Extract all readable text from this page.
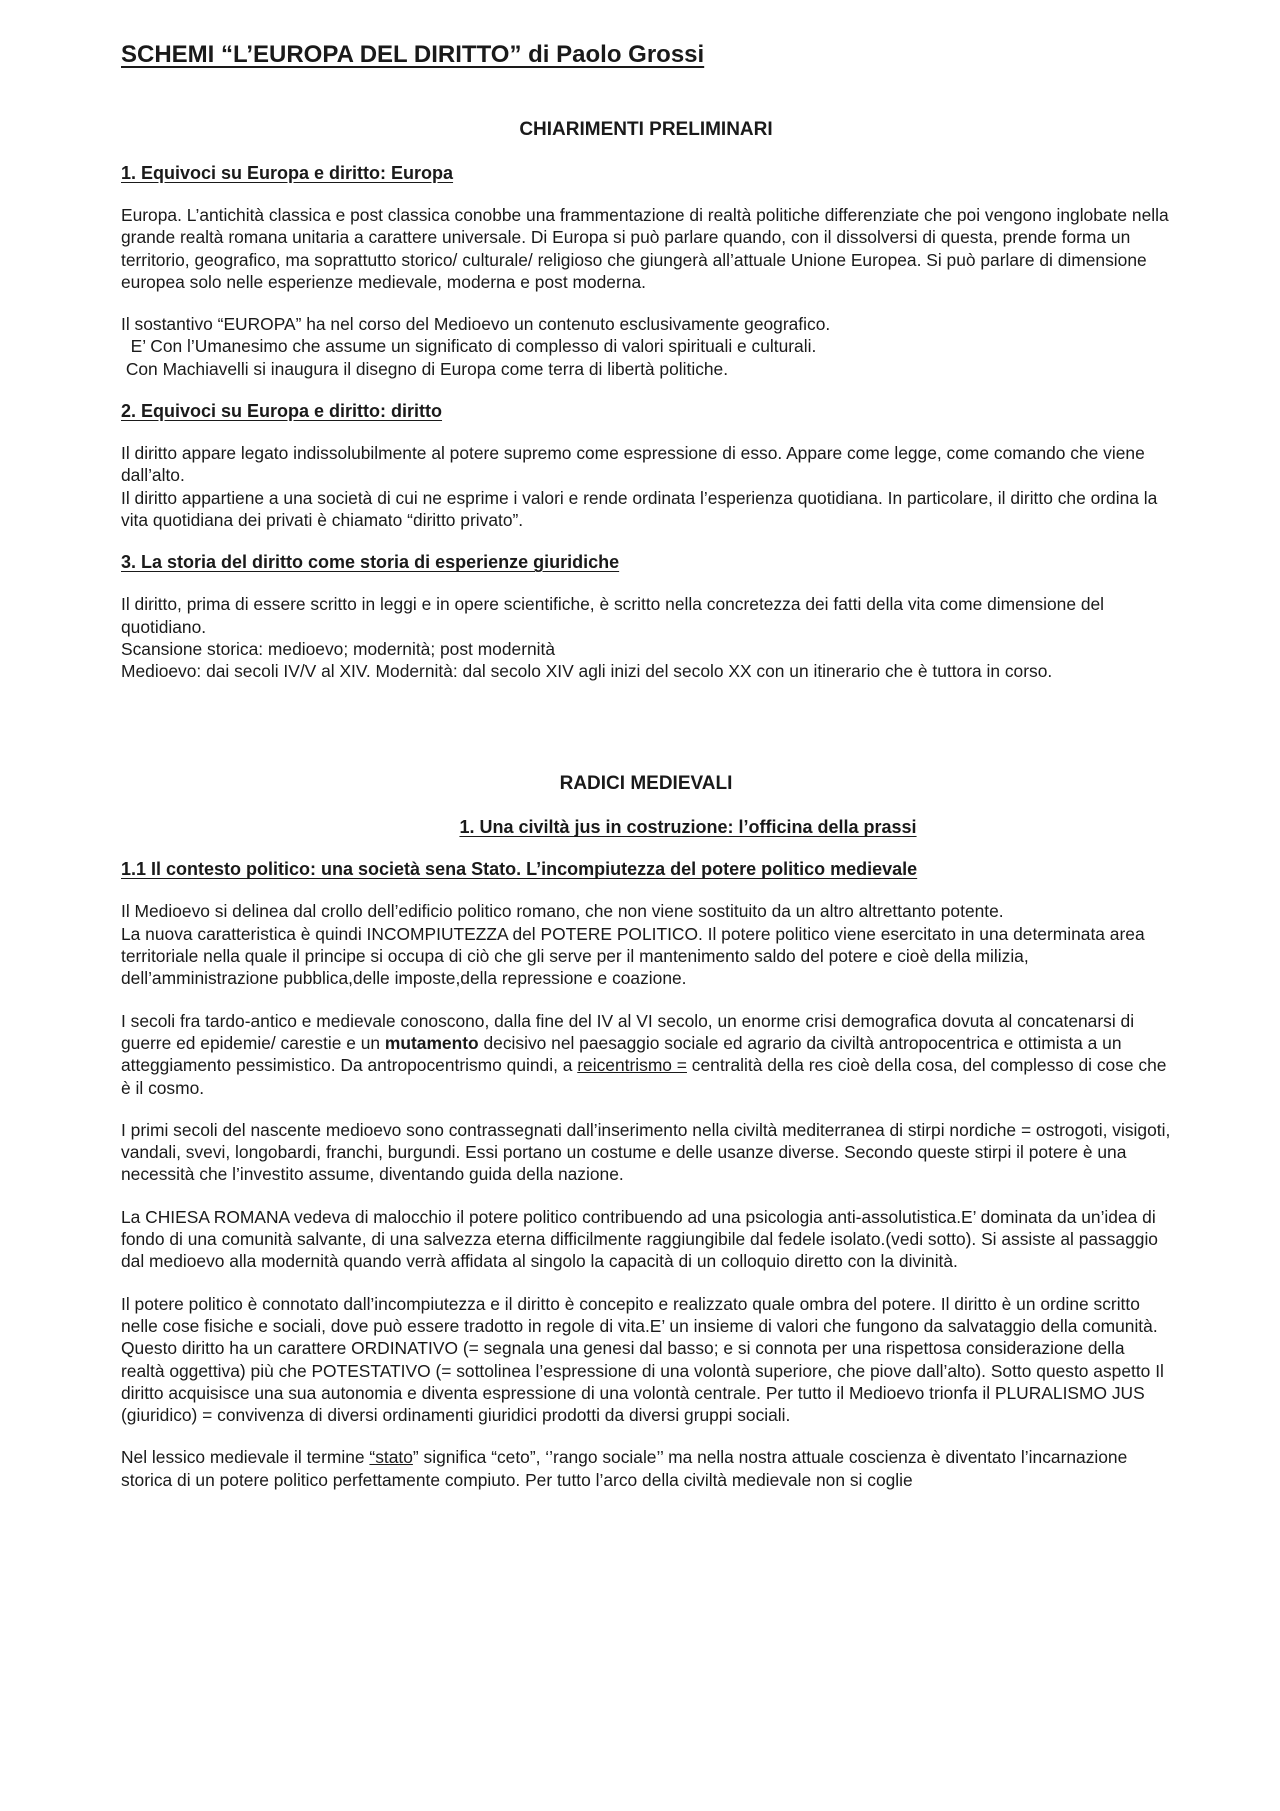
SCHEMI “L’EUROPA DEL DIRITTO” di Paolo Grossi
CHIARIMENTI PRELIMINARI
1. Equivoci su Europa e diritto: Europa

Europa. L’antichità classica e post classica conobbe una frammentazione di realtà politiche differenziate che poi vengono inglobate nella grande realtà romana unitaria a carattere universale. Di Europa si può parlare quando, con il dissolversi di questa, prende forma un territorio, geografico, ma soprattutto storico/ culturale/ religioso che giungerà all’attuale Unione Europea. Si può parlare di dimensione europea solo nelle esperienze medievale, moderna e post moderna.

Il sostantivo “EUROPA” ha nel corso del Medioevo un contenuto esclusivamente geografico.
E’ Con l’Umanesimo che assume un significato di complesso di valori spirituali e culturali.
Con Machiavelli si inaugura il disegno di Europa come terra di libertà politiche.

2. Equivoci su Europa e diritto: diritto

Il diritto appare legato indissolubilmente al potere supremo come espressione di esso. Appare come legge, come comando che viene dall’alto.
Il diritto appartiene a una società di cui ne esprime i valori e rende ordinata l’esperienza quotidiana. In particolare, il diritto che ordina la vita quotidiana dei privati è chiamato “diritto privato”.

3. La storia del diritto come storia di esperienze giuridiche

Il diritto, prima di essere scritto in leggi e in opere scientifiche, è scritto nella concretezza dei fatti della vita come dimensione del quotidiano.
Scansione storica: medioevo; modernità; post modernità
Medioevo: dai secoli IV/V al XIV. Modernità: dal secolo XIV agli inizi del secolo XX con un itinerario che è tuttora in corso.

RADICI MEDIEVALI
1. Una civiltà jus in costruzione: l’officina della prassi
1.1 Il contesto politico: una società sena Stato. L’incompiutezza del potere politico medievale

Il Medioevo si delinea dal crollo dell’edificio politico romano, che non viene sostituito da un altro altrettanto potente.
La nuova caratteristica è quindi INCOMPIUTEZZA del POTERE POLITICO. Il potere politico viene esercitato in una determinata area territoriale nella quale il principe si occupa di ciò che gli serve per il mantenimento saldo del potere e cioè della milizia, dell’amministrazione pubblica,delle imposte,della repressione e coazione.

I secoli fra tardo-antico e medievale conoscono, dalla fine del IV al VI secolo, un enorme crisi demografica dovuta al concatenarsi di guerre ed epidemie/ carestie e un mutamento decisivo nel paesaggio sociale ed agrario da civiltà antropocentrica e ottimista a un atteggiamento pessimistico. Da antropocentrismo quindi, a reicentrismo = centralità della res cioè della cosa, del complesso di cose che è il cosmo.

I primi secoli del nascente medioevo sono contrassegnati dall’inserimento nella civiltà mediterranea di stirpi nordiche = ostrogoti, visigoti, vandali, svevi, longobardi, franchi, burgundi. Essi portano un costume e delle usanze diverse. Secondo queste stirpi il potere è una necessità che l’investito assume, diventando guida della nazione.

La CHIESA ROMANA vedeva di malocchio il potere politico contribuendo ad una psicologia anti-assolutistica.E’ dominata da un’idea di fondo di una comunità salvante, di una salvezza eterna difficilmente raggiungibile dal fedele isolato.(vedi sotto). Si assiste al passaggio dal medioevo alla modernità quando verrà affidata al singolo la capacità di un colloquio diretto con la divinità.

Il potere politico è connotato dall’incompiutezza e il diritto è concepito e realizzato quale ombra del potere. Il diritto è un ordine scritto nelle cose fisiche e sociali, dove può essere tradotto in regole di vita.E’ un insieme di valori che fungono da salvataggio della comunità. Questo diritto ha un carattere ORDINATIVO (= segnala una genesi dal basso; e si connota per una rispettosa considerazione della realtà oggettiva) più che POTESTATIVO (= sottolinea l’espressione di una volontà superiore, che piove dall’alto). Sotto questo aspetto Il diritto acquisisce una sua autonomia e diventa espressione di una volontà centrale. Per tutto il Medioevo trionfa il PLURALISMO JUS (giuridico) = convivenza di diversi ordinamenti giuridici prodotti da diversi gruppi sociali.

Nel lessico medievale il termine “stato” significa “ceto”, ‘’rango sociale’’ ma nella nostra attuale coscienza è diventato l’incarnazione storica di un potere politico perfettamente compiuto. Per tutto l’arco della civiltà medievale non si coglie
